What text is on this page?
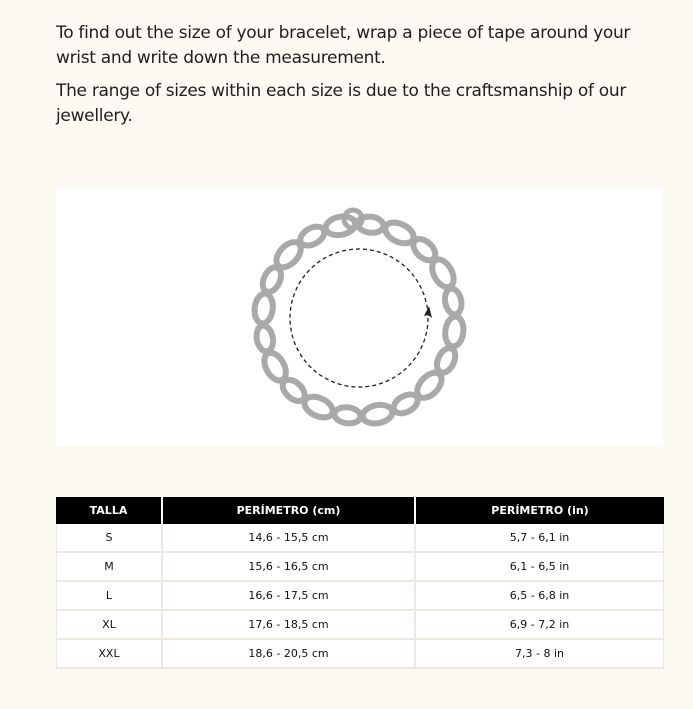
To find out the size of your bracelet, wrap a piece of tape around your wrist and write down the measurement.

The range of sizes within each size is due to the craftsmanship of our jewellery.

TALLA	PERÍMETRO (cm)	PERÍMETRO (in)
S	14,6 - 15,5 cm	5,7 - 6,1 in
M	15,6 - 16,5 cm	6,1 - 6,5 in
L	16,6 - 17,5 cm	6,5 - 6,8 in
XL	17,6 - 18,5 cm	6,9 - 7,2 in
XXL	18,6 - 20,5 cm	7,3 - 8 in
